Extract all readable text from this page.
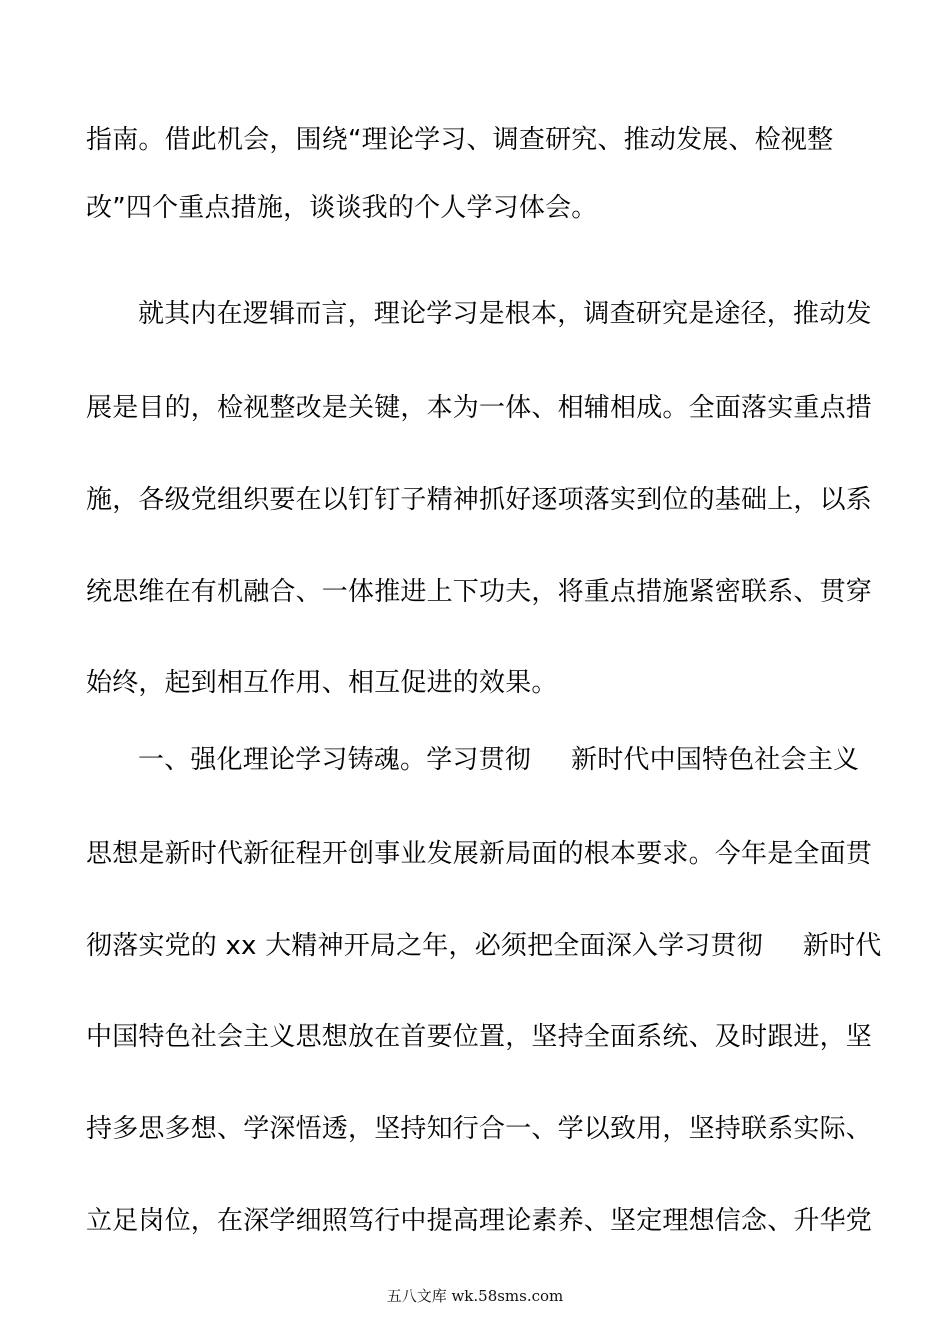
指南。借此机会，围绕“理论学习、调查研究、推动发展、检视整
改”四个重点措施，谈谈我的个人学习体会。
就其内在逻辑而言，理论学习是根本，调查研究是途径，推动发
展是目的，检视整改是关键，本为一体、相辅相成。全面落实重点措
施，各级党组织要在以钉钉子精神抓好逐项落实到位的基础上，以系
统思维在有机融合、一体推进上下功夫，将重点措施紧密联系、贯穿
始终，起到相互作用、相互促进的效果。
一、强化理论学习铸魂。学习贯彻 新时代中国特色社会主义
思想是新时代新征程开创事业发展新局面的根本要求。今年是全面贯
彻落实党的 xx 大精神开局之年，必须把全面深入学习贯彻 新时代
中国特色社会主义思想放在首要位置，坚持全面系统、及时跟进，坚
持多思多想、学深悟透，坚持知行合一、学以致用，坚持联系实际、
立足岗位，在深学细照笃行中提高理论素养、坚定理想信念、升华党
五八文库 wk.58sms.com
